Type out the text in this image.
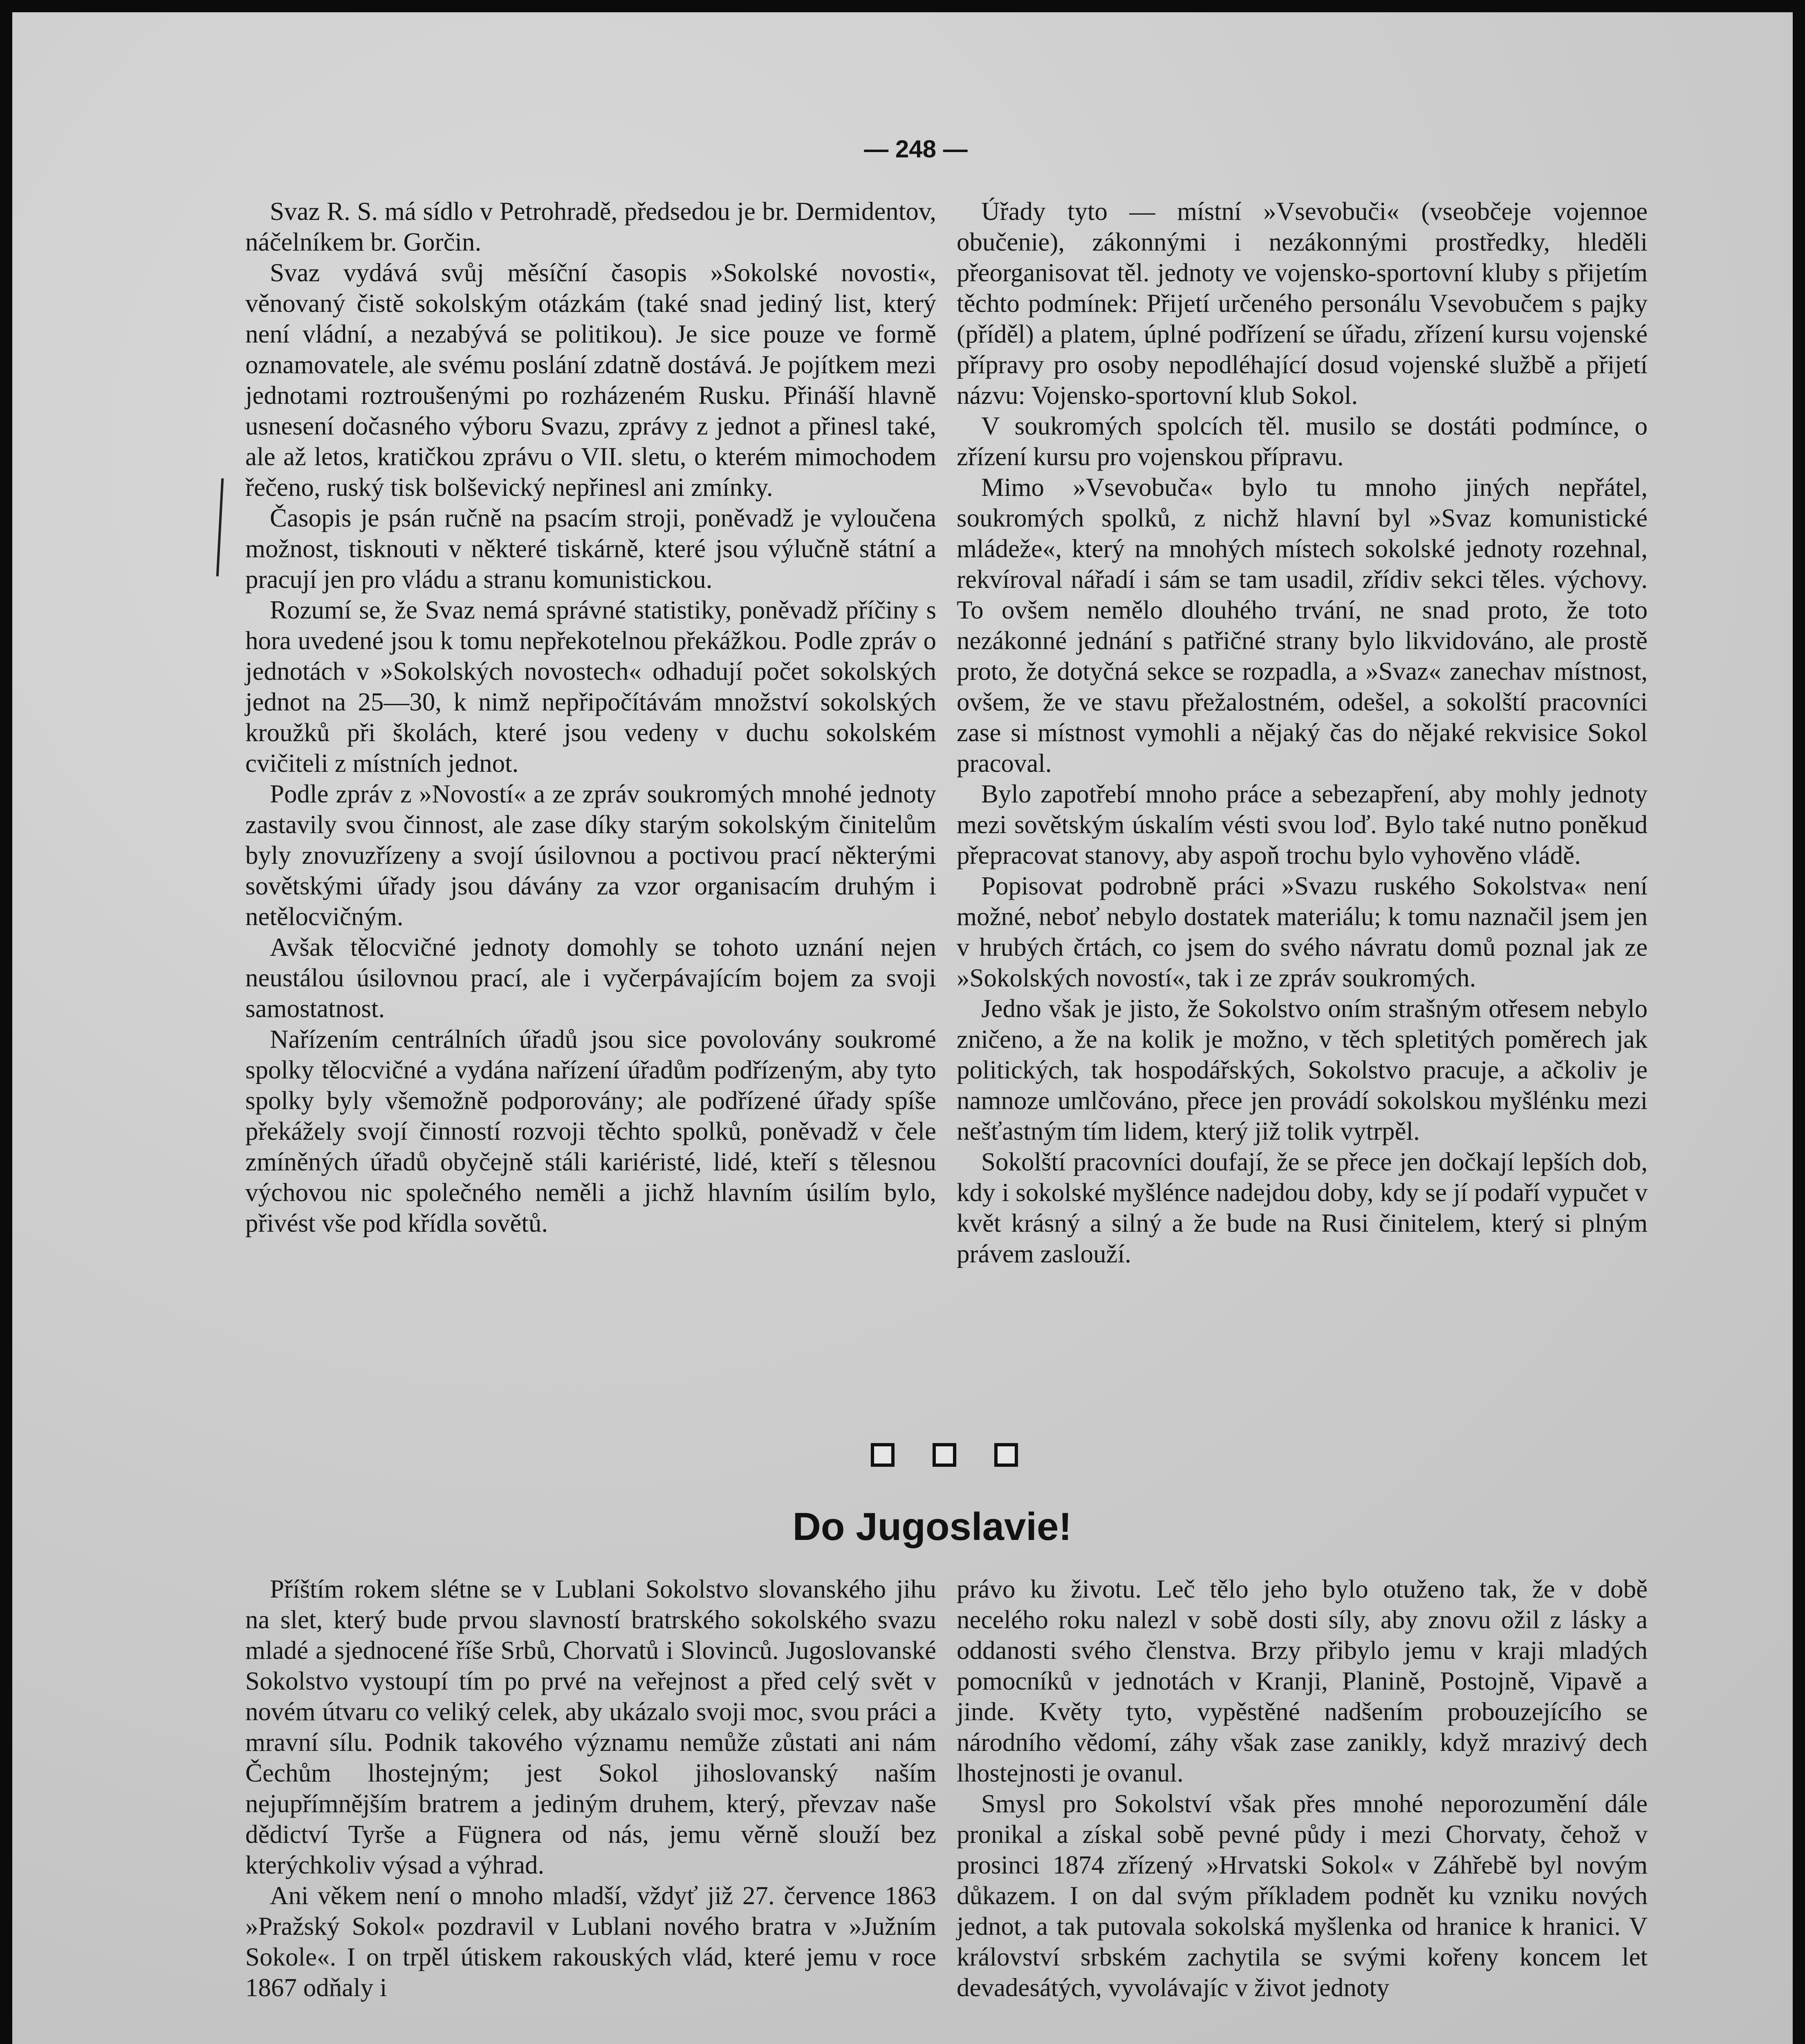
— 248 —

Svaz R. S. má sídlo v Petrohradě, předsedou je br. Dermidentov, náčelníkem br. Gorčin.

Svaz vydává svůj měsíční časopis »Sokolské novosti«, věnovaný čistě sokolským otázkám (také snad jediný list, který není vládní, a nezabývá se politikou). Je sice pouze ve formě oznamovatele, ale svému poslání zdatně dostává. Je pojítkem mezi jednotami roztroušenými po rozházeném Rusku. Přináší hlavně usnesení dočasného výboru Svazu, zprávy z jednot a přinesl také, ale až letos, kratičkou zprávu o VII. sletu, o kterém mimochodem řečeno, ruský tisk bolševický nepřinesl ani zmínky.

Časopis je psán ručně na psacím stroji, poněvadž je vyloučena možnost, tisknouti v některé tiskárně, které jsou výlučně státní a pracují jen pro vládu a stranu komunistickou.

Rozumí se, že Svaz nemá správné statistiky, poněvadž příčiny s hora uvedené jsou k tomu nepřekotelnou překážkou. Podle zpráv o jednotách v »Sokolských novostech« odhadují počet sokolských jednot na 25—30, k nimž nepřipočítávám množství sokolských kroužků při školách, které jsou vedeny v duchu sokolském cvičiteli z místních jednot.

Podle zpráv z »Novostí« a ze zpráv soukromých mnohé jednoty zastavily svou činnost, ale zase díky starým sokolským činitelům byly znovuzřízeny a svojí úsilovnou a poctivou prací některými sovětskými úřady jsou dávány za vzor organisacím druhým i netělocvičným.

Avšak tělocvičné jednoty domohly se tohoto uznání nejen neustálou úsilovnou prací, ale i vyčerpávajícím bojem za svoji samostatnost.

Nařízením centrálních úřadů jsou sice povolovány soukromé spolky tělocvičné a vydána nařízení úřadům podřízeným, aby tyto spolky byly všemožně podporovány; ale podřízené úřady spíše překážely svojí činností rozvoji těchto spolků, poněvadž v čele zmíněných úřadů obyčejně stáli kariéristé, lidé, kteří s tělesnou výchovou nic společného neměli a jichž hlavním úsilím bylo, přivést vše pod křídla sovětů.

Úřady tyto — místní »Vsevobuči« (vseobčeje vojennoe obučenie), zákonnými i nezákonnými prostředky, hleděli přeorganisovat těl. jednoty ve vojensko-sportovní kluby s přijetím těchto podmínek: Přijetí určeného personálu Vsevobučem s pajky (příděl) a platem, úplné podřízení se úřadu, zřízení kursu vojenské přípravy pro osoby nepodléhající dosud vojenské službě a přijetí názvu: Vojensko-sportovní klub Sokol.

V soukromých spolcích těl. musilo se dostáti podmínce, o zřízení kursu pro vojenskou přípravu.

Mimo »Vsevobuča« bylo tu mnoho jiných nepřátel, soukromých spolků, z nichž hlavní byl »Svaz komunistické mládeže«, který na mnohých místech sokolské jednoty rozehnal, rekvíroval nářadí i sám se tam usadil, zřídiv sekci těles. výchovy. To ovšem nemělo dlouhého trvání, ne snad proto, že toto nezákonné jednání s patřičné strany bylo likvidováno, ale prostě proto, že dotyčná sekce se rozpadla, a »Svaz« zanechav místnost, ovšem, že ve stavu přežalostném, odešel, a sokolští pracovníci zase si místnost vymohli a nějaký čas do nějaké rekvisice Sokol pracoval.

Bylo zapotřebí mnoho práce a sebezapření, aby mohly jednoty mezi sovětským úskalím vésti svou loď. Bylo také nutno poněkud přepracovat stanovy, aby aspoň trochu bylo vyhověno vládě.

Popisovat podrobně práci »Svazu ruského Sokolstva« není možné, neboť nebylo dostatek materiálu; k tomu naznačil jsem jen v hrubých črtách, co jsem do svého návratu domů poznal jak ze »Sokolských novostí«, tak i ze zpráv soukromých.

Jedno však je jisto, že Sokolstvo oním strašným otřesem nebylo zničeno, a že na kolik je možno, v těch spletitých poměrech jak politických, tak hospodářských, Sokolstvo pracuje, a ačkoliv je namnoze umlčováno, přece jen provádí sokolskou myšlénku mezi nešťastným tím lidem, který již tolik vytrpěl.

Sokolští pracovníci doufají, že se přece jen dočkají lepších dob, kdy i sokolské myšlénce nadejdou doby, kdy se jí podaří vypučet v květ krásný a silný a že bude na Rusi činitelem, který si plným právem zaslouží.

Do Jugoslavie!

Příštím rokem slétne se v Lublani Sokolstvo slovanského jihu na slet, který bude prvou slavností bratrského sokolského svazu mladé a sjednocené říše Srbů, Chorvatů i Slovinců. Jugoslovanské Sokolstvo vystoupí tím po prvé na veřejnost a před celý svět v novém útvaru co veliký celek, aby ukázalo svoji moc, svou práci a mravní sílu. Podnik takového významu nemůže zůstati ani nám Čechům lhostejným; jest Sokol jihoslovanský naším nejupřímnějším bratrem a jediným druhem, který, převzav naše dědictví Tyrše a Fügnera od nás, jemu věrně slouží bez kterýchkoliv výsad a výhrad.

Ani věkem není o mnoho mladší, vždyť již 27. července 1863 »Pražský Sokol« pozdravil v Lublani nového bratra v »Južním Sokole«. I on trpěl útiskem rakouských vlád, které jemu v roce 1867 odňaly i

právo ku životu. Leč tělo jeho bylo otuženo tak, že v době necelého roku nalezl v sobě dosti síly, aby znovu ožil z lásky a oddanosti svého členstva. Brzy přibylo jemu v kraji mladých pomocníků v jednotách v Kranji, Planině, Postojně, Vipavě a jinde. Květy tyto, vypěstěné nadšením probouzejícího se národního vědomí, záhy však zase zanikly, když mrazivý dech lhostejnosti je ovanul.

Smysl pro Sokolství však přes mnohé neporozumění dále pronikal a získal sobě pevné půdy i mezi Chorvaty, čehož v prosinci 1874 zřízený »Hrvatski Sokol« v Záhřebě byl novým důkazem. I on dal svým příkladem podnět ku vzniku nových jednot, a tak putovala sokolská myšlenka od hranice k hranici. V království srbském zachytila se svými kořeny koncem let devadesátých, vyvolávajíc v život jednoty
